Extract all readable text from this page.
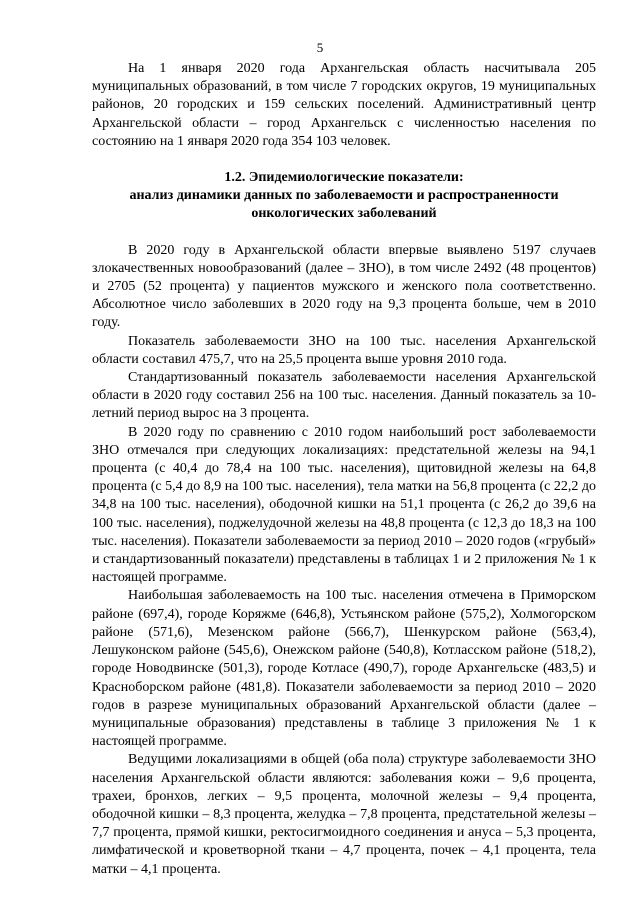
5

На 1 января 2020 года Архангельская область насчитывала 205 муниципальных образований, в том числе 7 городских округов, 19 муниципальных районов, 20 городских и 159 сельских поселений. Административный центр Архангельской области – город Архангельск с численностью населения по состоянию на 1 января 2020 года 354 103 человек.

1.2. Эпидемиологические показатели:
анализ динамики данных по заболеваемости и распространенности
онкологических заболеваний

В 2020 году в Архангельской области впервые выявлено 5197 случаев злокачественных новообразований (далее – ЗНО), в том числе 2492 (48 процентов) и 2705 (52 процента) у пациентов мужского и женского пола соответственно. Абсолютное число заболевших в 2020 году на 9,3 процента больше, чем в 2010 году.

Показатель заболеваемости ЗНО на 100 тыс. населения Архангельской области составил 475,7, что на 25,5 процента выше уровня 2010 года.

Стандартизованный показатель заболеваемости населения Архангельской области в 2020 году составил 256 на 100 тыс. населения. Данный показатель за 10-летний период вырос на 3 процента.

В 2020 году по сравнению с 2010 годом наибольший рост заболеваемости ЗНО отмечался при следующих локализациях: предстательной железы на 94,1 процента (с 40,4 до 78,4 на 100 тыс. населения), щитовидной железы на 64,8 процента (с 5,4 до 8,9 на 100 тыс. населения), тела матки на 56,8 процента (с 22,2 до 34,8 на 100 тыс. населения), ободочной кишки на 51,1 процента (с 26,2 до 39,6 на 100 тыс. населения), поджелудочной железы на 48,8 процента (с 12,3 до 18,3 на 100 тыс. населения). Показатели заболеваемости за период 2010 – 2020 годов («грубый» и стандартизованный показатели) представлены в таблицах 1 и 2 приложения № 1 к настоящей программе.

Наибольшая заболеваемость на 100 тыс. населения отмечена в Приморском районе (697,4), городе Коряжме (646,8), Устьянском районе (575,2), Холмогорском районе (571,6), Мезенском районе (566,7), Шенкурском районе (563,4), Лешуконском районе (545,6), Онежском районе (540,8), Котласском районе (518,2), городе Новодвинске (501,3), городе Котласе (490,7), городе Архангельске (483,5) и Красноборском районе (481,8). Показатели заболеваемости за период 2010 – 2020 годов в разрезе муниципальных образований Архангельской области (далее – муниципальные образования) представлены в таблице 3 приложения № 1 к настоящей программе.

Ведущими локализациями в общей (оба пола) структуре заболеваемости ЗНО населения Архангельской области являются: заболевания кожи – 9,6 процента, трахеи, бронхов, легких – 9,5 процента, молочной железы – 9,4 процента, ободочной кишки – 8,3 процента, желудка – 7,8 процента, предстательной железы – 7,7 процента, прямой кишки, ректосигмоидного соединения и ануса – 5,3 процента, лимфатической и кроветворной ткани – 4,7 процента, почек – 4,1 процента, тела матки – 4,1 процента.
